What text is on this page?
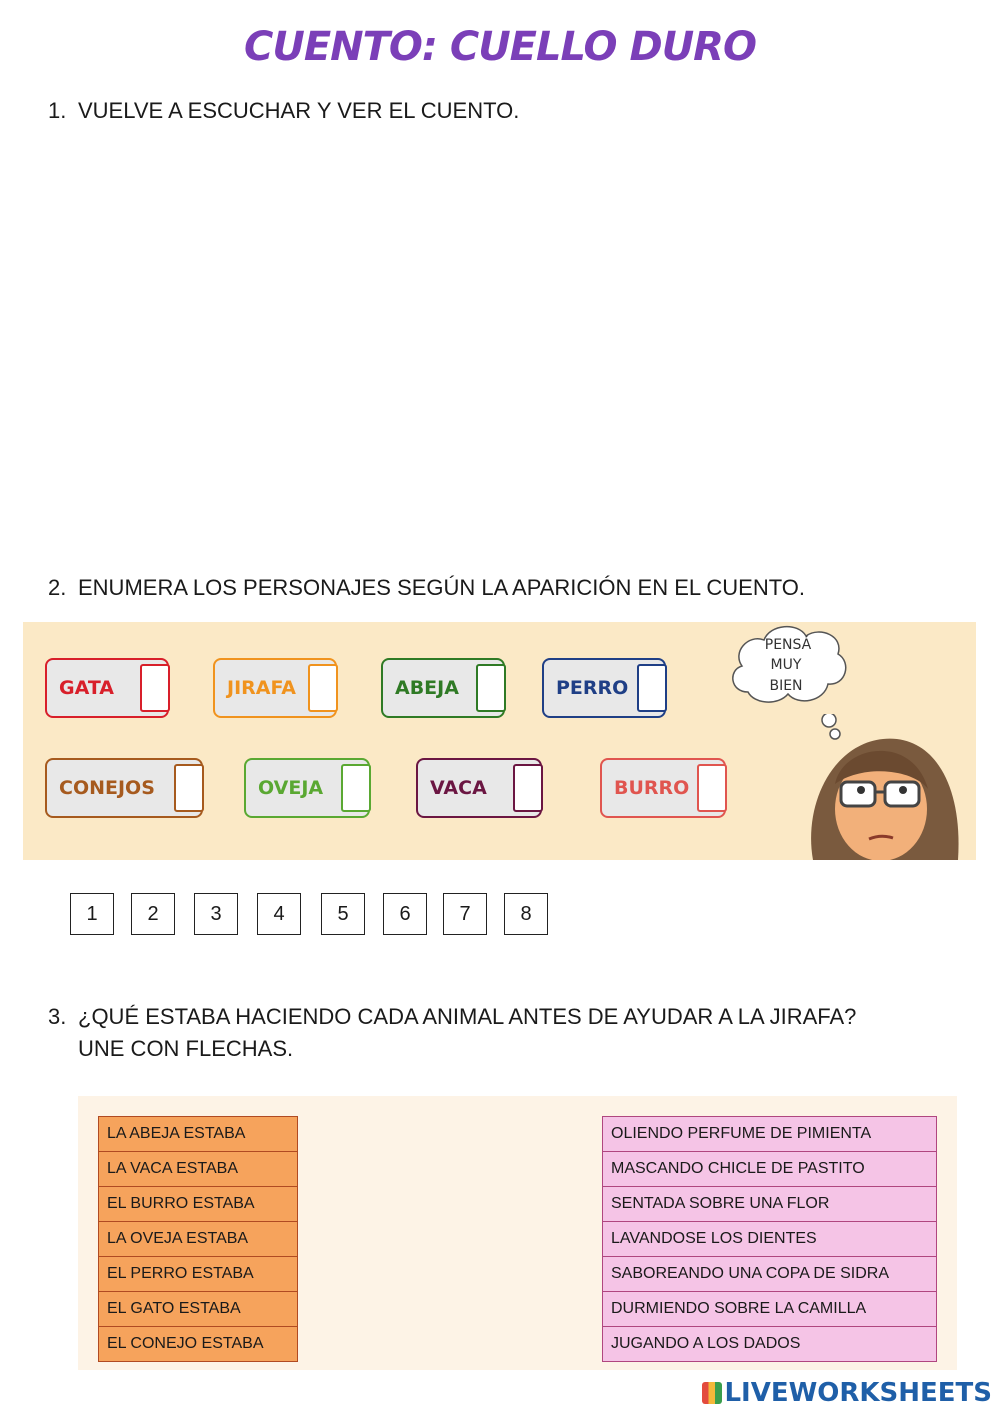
CUENTO: CUELLO DURO
1. VUELVE A ESCUCHAR Y VER EL CUENTO.
2. ENUMERA LOS PERSONAJES SEGÚN LA APARICIÓN EN EL CUENTO.
GATA	JIRAFA	ABEJA	PERRO
CONEJOS	OVEJA	VACA	BURRO
PENSÁ
MUY
BIEN
1	2	3	4	5	6	7	8
3. ¿QUÉ ESTABA HACIENDO CADA ANIMAL ANTES DE AYUDAR A LA JIRAFA?
UNE CON FLECHAS.
LA ABEJA ESTABA
LA VACA ESTABA
EL BURRO ESTABA
LA OVEJA ESTABA
EL PERRO ESTABA
EL GATO ESTABA
EL CONEJO ESTABA
OLIENDO PERFUME DE PIMIENTA
MASCANDO CHICLE DE PASTITO
SENTADA SOBRE UNA FLOR
LAVANDOSE LOS DIENTES
SABOREANDO UNA COPA DE SIDRA
DURMIENDO SOBRE LA CAMILLA
JUGANDO A LOS DADOS
LIVEWORKSHEETS
